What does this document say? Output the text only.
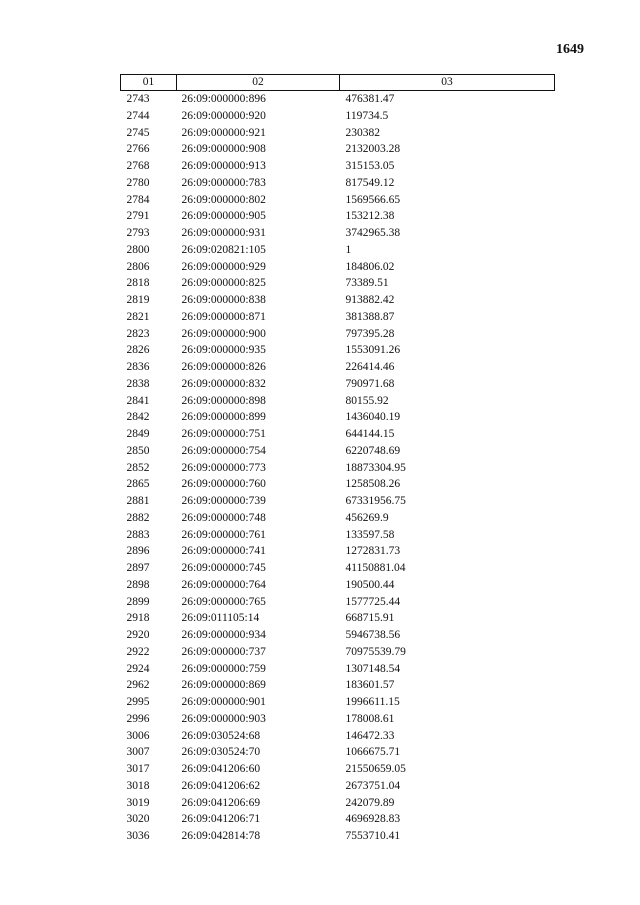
1649
01	02	03
2743	26:09:000000:896	476381.47
2744	26:09:000000:920	119734.5
2745	26:09:000000:921	230382
2766	26:09:000000:908	2132003.28
2768	26:09:000000:913	315153.05
2780	26:09:000000:783	817549.12
2784	26:09:000000:802	1569566.65
2791	26:09:000000:905	153212.38
2793	26:09:000000:931	3742965.38
2800	26:09:020821:105	1
2806	26:09:000000:929	184806.02
2818	26:09:000000:825	73389.51
2819	26:09:000000:838	913882.42
2821	26:09:000000:871	381388.87
2823	26:09:000000:900	797395.28
2826	26:09:000000:935	1553091.26
2836	26:09:000000:826	226414.46
2838	26:09:000000:832	790971.68
2841	26:09:000000:898	80155.92
2842	26:09:000000:899	1436040.19
2849	26:09:000000:751	644144.15
2850	26:09:000000:754	6220748.69
2852	26:09:000000:773	18873304.95
2865	26:09:000000:760	1258508.26
2881	26:09:000000:739	67331956.75
2882	26:09:000000:748	456269.9
2883	26:09:000000:761	133597.58
2896	26:09:000000:741	1272831.73
2897	26:09:000000:745	41150881.04
2898	26:09:000000:764	190500.44
2899	26:09:000000:765	1577725.44
2918	26:09:011105:14	668715.91
2920	26:09:000000:934	5946738.56
2922	26:09:000000:737	70975539.79
2924	26:09:000000:759	1307148.54
2962	26:09:000000:869	183601.57
2995	26:09:000000:901	1996611.15
2996	26:09:000000:903	178008.61
3006	26:09:030524:68	146472.33
3007	26:09:030524:70	1066675.71
3017	26:09:041206:60	21550659.05
3018	26:09:041206:62	2673751.04
3019	26:09:041206:69	242079.89
3020	26:09:041206:71	4696928.83
3036	26:09:042814:78	7553710.41
